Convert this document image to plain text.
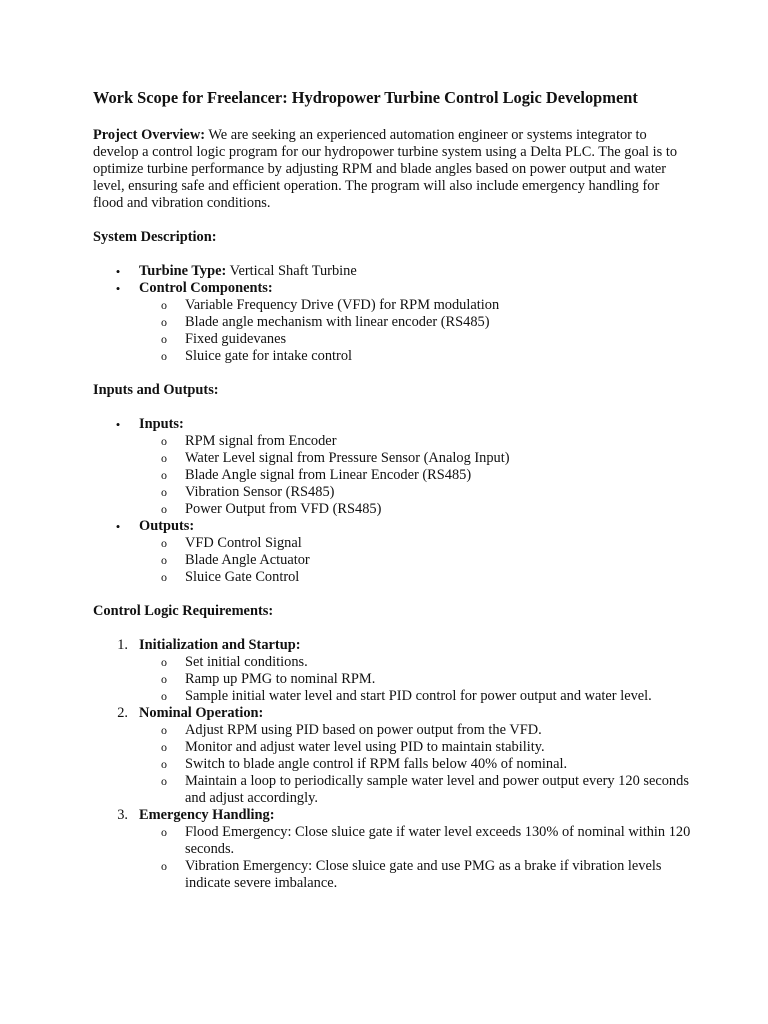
Work Scope for Freelancer: Hydropower Turbine Control Logic Development

Project Overview: We are seeking an experienced automation engineer or systems integrator to develop a control logic program for our hydropower turbine system using a Delta PLC. The goal is to optimize turbine performance by adjusting RPM and blade angles based on power output and water level, ensuring safe and efficient operation. The program will also include emergency handling for flood and vibration conditions.

System Description:
• Turbine Type: Vertical Shaft Turbine
• Control Components:
o Variable Frequency Drive (VFD) for RPM modulation
o Blade angle mechanism with linear encoder (RS485)
o Fixed guidevanes
o Sluice gate for intake control
Inputs and Outputs:
• Inputs:
o RPM signal from Encoder
o Water Level signal from Pressure Sensor (Analog Input)
o Blade Angle signal from Linear Encoder (RS485)
o Vibration Sensor (RS485)
o Power Output from VFD (RS485)
• Outputs:
o VFD Control Signal
o Blade Angle Actuator
o Sluice Gate Control
Control Logic Requirements:
1. Initialization and Startup:
o Set initial conditions.
o Ramp up PMG to nominal RPM.
o Sample initial water level and start PID control for power output and water level.
2. Nominal Operation:
o Adjust RPM using PID based on power output from the VFD.
o Monitor and adjust water level using PID to maintain stability.
o Switch to blade angle control if RPM falls below 40% of nominal.
o Maintain a loop to periodically sample water level and power output every 120 seconds and adjust accordingly.
3. Emergency Handling:
o Flood Emergency: Close sluice gate if water level exceeds 130% of nominal within 120 seconds.
o Vibration Emergency: Close sluice gate and use PMG as a brake if vibration levels indicate severe imbalance.
